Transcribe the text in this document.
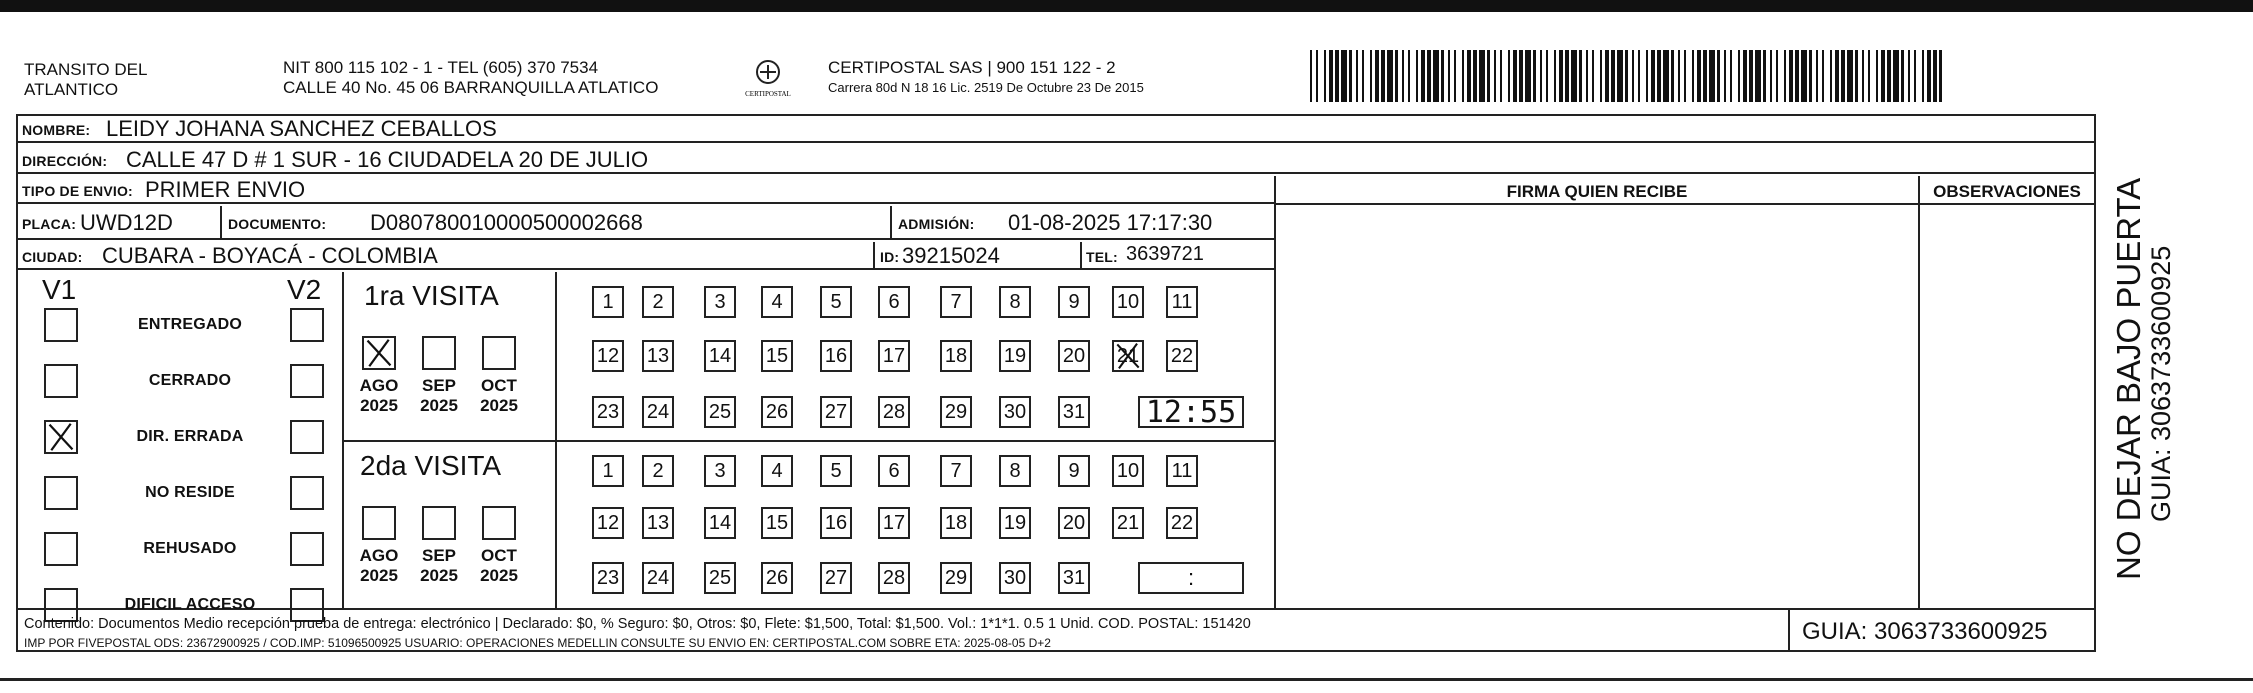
TRANSITO DEL
ATLANTICO
NIT 800 115 102 - 1 - TEL (605) 370 7534
CALLE 40 No. 45 06 BARRANQUILLA ATLATICO	CERTIPOSTAL
CERTIPOSTAL SAS | 900 151 122 - 2
Carrera 80d N 18 16 Lic. 2519 De Octubre 23 De 2015
NOMBRE: LEIDY JOHANA SANCHEZ CEBALLOS
DIRECCIÓN: CALLE 47 D # 1 SUR - 16 CIUDADELA 20 DE JULIO
TIPO DE ENVIO: PRIMER ENVIO
PLACA: UWD12D	DOCUMENTO: D080780010000500002668	ADMISIÓN: 01-08-2025 17:17:30
CIUDAD: CUBARA - BOYACÁ - COLOMBIA	ID: 39215024	TEL: 3639721
FIRMA QUIEN RECIBE	OBSERVACIONES
V1	V2
ENTREGADO
CERRADO
DIR. ERRADA
NO RESIDE
REHUSADO
DIFICIL ACCESO
1ra VISITA
2da VISITA
AGO
2025
SEP
2025
OCT
2025
AGO
2025
SEP
2025
OCT
2025
1 2	3 4 5 6	7 8 9 10 11
12 13 14 15 16 17 18 19 20 21 22
23 24 25 26 27 28 29 30 31 12:55
1 2	3 4 5 6	7 8 9 10 11
12 13 14 15 16 17 18 19 20 21 22
23 24 25 26 27 28 29 30 31	:
Contenido: Documentos Medio recepción prueba de entrega: electrónico | Declarado: $0, % Seguro: $0, Otros: $0, Flete: $1,500, Total: $1,500. Vol.: 1*1*1. 0.5 1 Unid. COD. POSTAL: 151420
IMP POR FIVEPOSTAL ODS: 23672900925 / COD.IMP: 51096500925 USUARIO: OPERACIONES MEDELLIN CONSULTE SU ENVIO EN: CERTIPOSTAL.COM SOBRE ETA: 2025-08-05 D+2	GUIA: 3063733600925
NO DEJAR BAJO PUERTA GUIA: 3063733600925
